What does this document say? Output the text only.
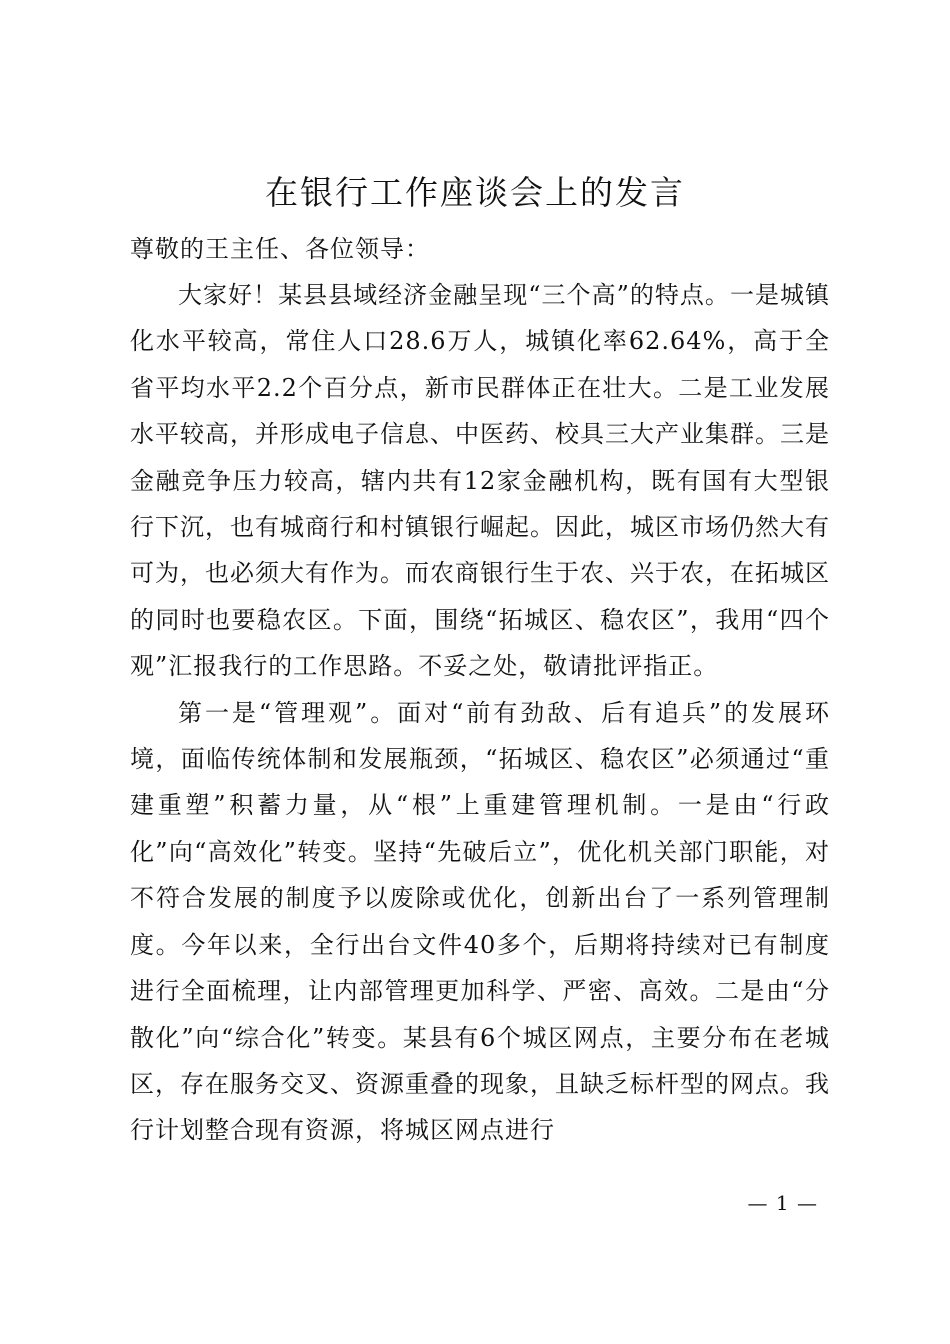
在银行工作座谈会上的发言

尊敬的王主任、各位领导：

大家好！某县县域经济金融呈现“三个高”的特点。一是城镇化水平较高，常住人口28.6万人，城镇化率62.64%，高于全省平均水平2.2个百分点，新市民群体正在壮大。二是工业发展水平较高，并形成电子信息、中医药、校具三大产业集群。三是金融竞争压力较高，辖内共有12家金融机构，既有国有大型银行下沉，也有城商行和村镇银行崛起。因此，城区市场仍然大有可为，也必须大有作为。而农商银行生于农、兴于农，在拓城区的同时也要稳农区。下面，围绕“拓城区、稳农区”，我用“四个观”汇报我行的工作思路。不妥之处，敬请批评指正。

第一是“管理观”。面对“前有劲敌、后有追兵”的发展环境，面临传统体制和发展瓶颈，“拓城区、稳农区”必须通过“重建重塑”积蓄力量，从“根”上重建管理机制。一是由“行政化”向“高效化”转变。坚持“先破后立”，优化机关部门职能，对不符合发展的制度予以废除或优化，创新出台了一系列管理制度。今年以来，全行出台文件40多个，后期将持续对已有制度进行全面梳理，让内部管理更加科学、严密、高效。二是由“分散化”向“综合化”转变。某县有6个城区网点，主要分布在老城区，存在服务交叉、资源重叠的现象，且缺乏标杆型的网点。我行计划整合现有资源，将城区网点进行

— 1 —
